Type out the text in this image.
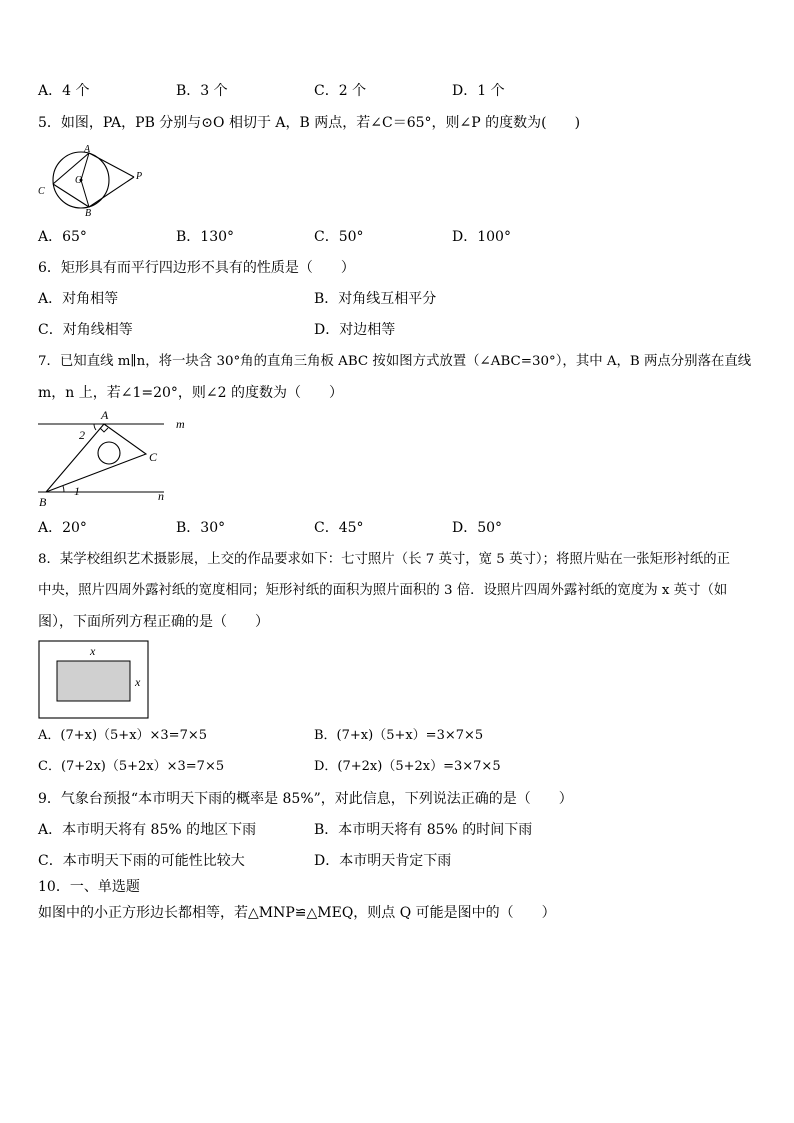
A．4 个	B．3 个	C．2 个	D．1 个
5．如图，PA，PB 分别与⊙O 相切于 A，B 两点，若∠C＝65°，则∠P 的度数为(　　)
A
B
C
O	P
A．65°	B．130°	C．50°	D．100°
6．矩形具有而平行四边形不具有的性质是（　　）
A．对角相等	B．对角线互相平分
C．对角线相等	D．对边相等
7．已知直线 m∥n，将一块含 30°角的直角三角板 ABC 按如图方式放置（∠ABC=30°），其中 A，B 两点分别落在直线
m，n 上，若∠1=20°，则∠2 的度数为（　　）
A
B
C
m
n
1
2
A．20°	B．30°	C．45°	D．50°
8．某学校组织艺术摄影展，上交的作品要求如下：七寸照片（长 7 英寸，宽 5 英寸）；将照片贴在一张矩形衬纸的正
中央，照片四周外露衬纸的宽度相同；矩形衬纸的面积为照片面积的 3 倍．设照片四周外露衬纸的宽度为 x 英寸（如
图），下面所列方程正确的是（　　）
x
x
A．(7+x)（5+x）×3=7×5	B．(7+x)（5+x）=3×7×5
C．(7+2x)（5+2x）×3=7×5	D．(7+2x)（5+2x）=3×7×5
9．气象台预报“本市明天下雨的概率是 85%”，对此信息，下列说法正确的是（　　）
A．本市明天将有 85% 的地区下雨	B．本市明天将有 85% 的时间下雨
C．本市明天下雨的可能性比较大	D．本市明天肯定下雨
10．一、单选题
如图中的小正方形边长都相等，若△MNP≌△MEQ，则点 Q 可能是图中的（　　）
